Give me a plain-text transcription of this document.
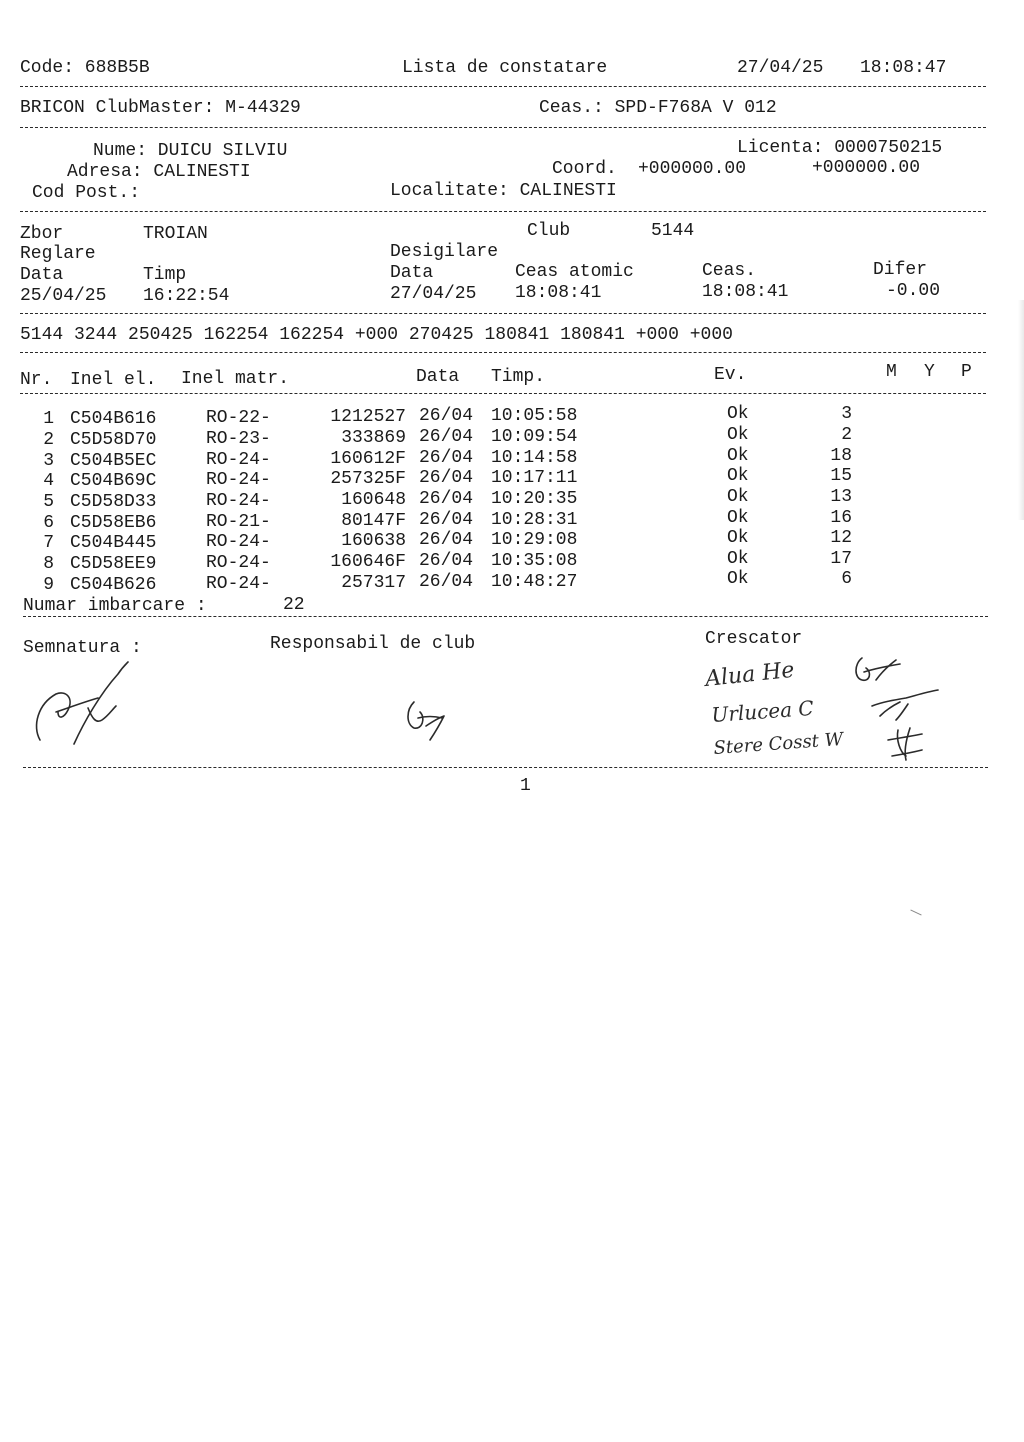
Code: 688B5B	Lista de constatare	27/04/25 18:08:47
BRICON ClubMaster: M-44329	Ceas.: SPD-F768A V 012
Nume: DUICU SILVIU	Licenta: 0000750215
Adresa: CALINESTI	Coord. +000000.00	+000000.00
Cod Post.:	Localitate: CALINESTI
Zbor	TROIAN	Club	5144
Reglare	Desigilare
Data	Timp	Data	Ceas atomic	Ceas.	Difer
25/04/25 16:22:54	27/04/25 18:08:41	18:08:41	-0.00
5144 3244 250425 162254 162254 +000 270425 180841 180841 +000 +000
Nr. Inel el. Inel matr.	Data Timp.	Ev.	M Y P
1 C504B616	RO-22-	1212527 26/04 10:05:58	Ok	3
2 C5D58D70	RO-23-	333869 26/04 10:09:54	Ok	2
3 C504B5EC	RO-24-	160612F 26/04 10:14:58	Ok	18
4 C504B69C	RO-24-	257325F 26/04 10:17:11	Ok	15
5 C5D58D33	RO-24-	160648 26/04 10:20:35	Ok	13
6 C5D58EB6	RO-21-	80147F 26/04 10:28:31	Ok	16
7 C504B445	RO-24-	160638 26/04 10:29:08	Ok	12
8 C5D58EE9	RO-24-	160646F 26/04 10:35:08	Ok	17
9 C504B626	RO-24-	257317 26/04 10:48:27	Ok	6
Numar imbarcare :	22
Semnatura :	Responsabil de club	Crescator
Alua He
Urlucea C
Stere Cosst W
1
